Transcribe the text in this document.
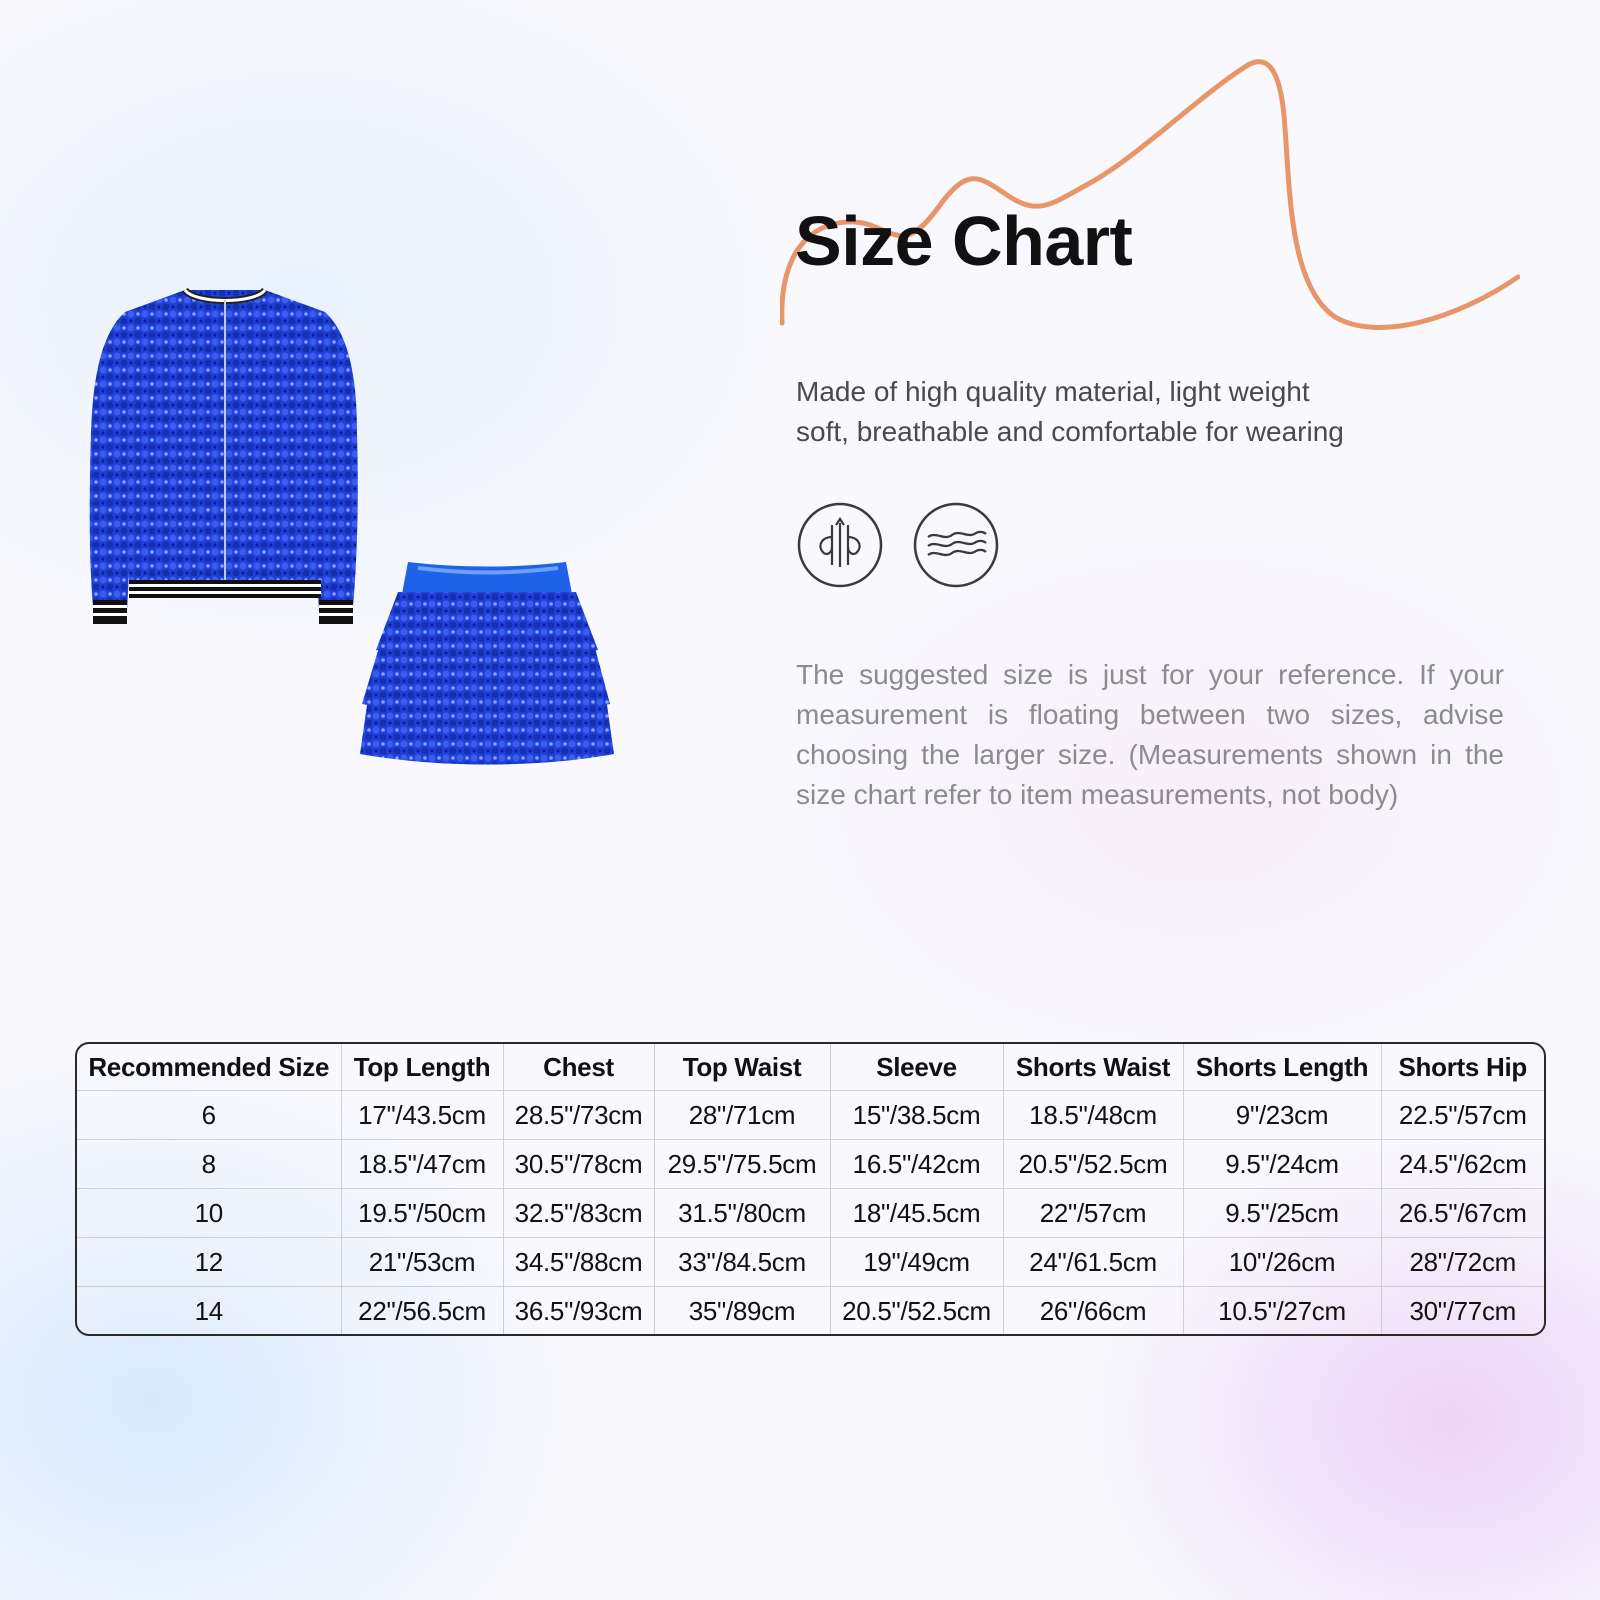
Size Chart
Made of high quality material, light weight
soft, breathable and comfortable for wearing

The suggested size is just for your reference. If your measurement is floating between two sizes, advise choosing the larger size. (Measurements shown in the size chart refer to item measurements, not body)

Recommended Size	Top Length	Chest	Top Waist	Sleeve	Shorts Waist	Shorts Length	Shorts Hip
6	17"/43.5cm	28.5"/73cm	28"/71cm	15"/38.5cm	18.5"/48cm	9"/23cm	22.5"/57cm
8	18.5"/47cm	30.5"/78cm	29.5"/75.5cm	16.5"/42cm	20.5"/52.5cm	9.5"/24cm	24.5"/62cm
10	19.5"/50cm	32.5"/83cm	31.5"/80cm	18"/45.5cm	22"/57cm	9.5"/25cm	26.5"/67cm
12	21"/53cm	34.5"/88cm	33"/84.5cm	19"/49cm	24"/61.5cm	10"/26cm	28"/72cm
14	22"/56.5cm	36.5"/93cm	35"/89cm	20.5"/52.5cm	26"/66cm	10.5"/27cm	30"/77cm
